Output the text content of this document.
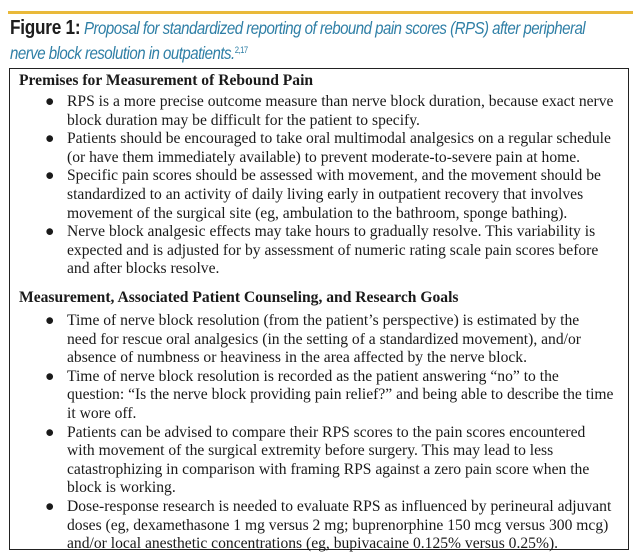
Figure 1: Proposal for standardized reporting of rebound pain scores (RPS) after peripheral
nerve block resolution in outpatients.$^{2,17}$
Premises for Measurement of Rebound Pain
● RPS is a more precise outcome measure than nerve block duration, because exact nerve
block duration may be difficult for the patient to specify.
● Patients should be encouraged to take oral multimodal analgesics on a regular schedule
(or have them immediately available) to prevent moderate-to-severe pain at home.
● Specific pain scores should be assessed with movement, and the movement should be
standardized to an activity of daily living early in outpatient recovery that involves
movement of the surgical site (eg, ambulation to the bathroom, sponge bathing).
● Nerve block analgesic effects may take hours to gradually resolve. This variability is
expected and is adjusted for by assessment of numeric rating scale pain scores before
and after blocks resolve.
Measurement, Associated Patient Counseling, and Research Goals
● Time of nerve block resolution (from the patient’s perspective) is estimated by the
need for rescue oral analgesics (in the setting of a standardized movement), and/or
absence of numbness or heaviness in the area affected by the nerve block.
● Time of nerve block resolution is recorded as the patient answering “no” to the
question: “Is the nerve block providing pain relief?” and being able to describe the time
it wore off.
● Patients can be advised to compare their RPS scores to the pain scores encountered
with movement of the surgical extremity before surgery. This may lead to less
catastrophizing in comparison with framing RPS against a zero pain score when the
block is working.
● Dose-response research is needed to evaluate RPS as influenced by perineural adjuvant
doses (eg, dexamethasone 1 mg versus 2 mg; buprenorphine 150 mcg versus 300 mcg)
and/or local anesthetic concentrations (eg, bupivacaine 0.125% versus 0.25%).
